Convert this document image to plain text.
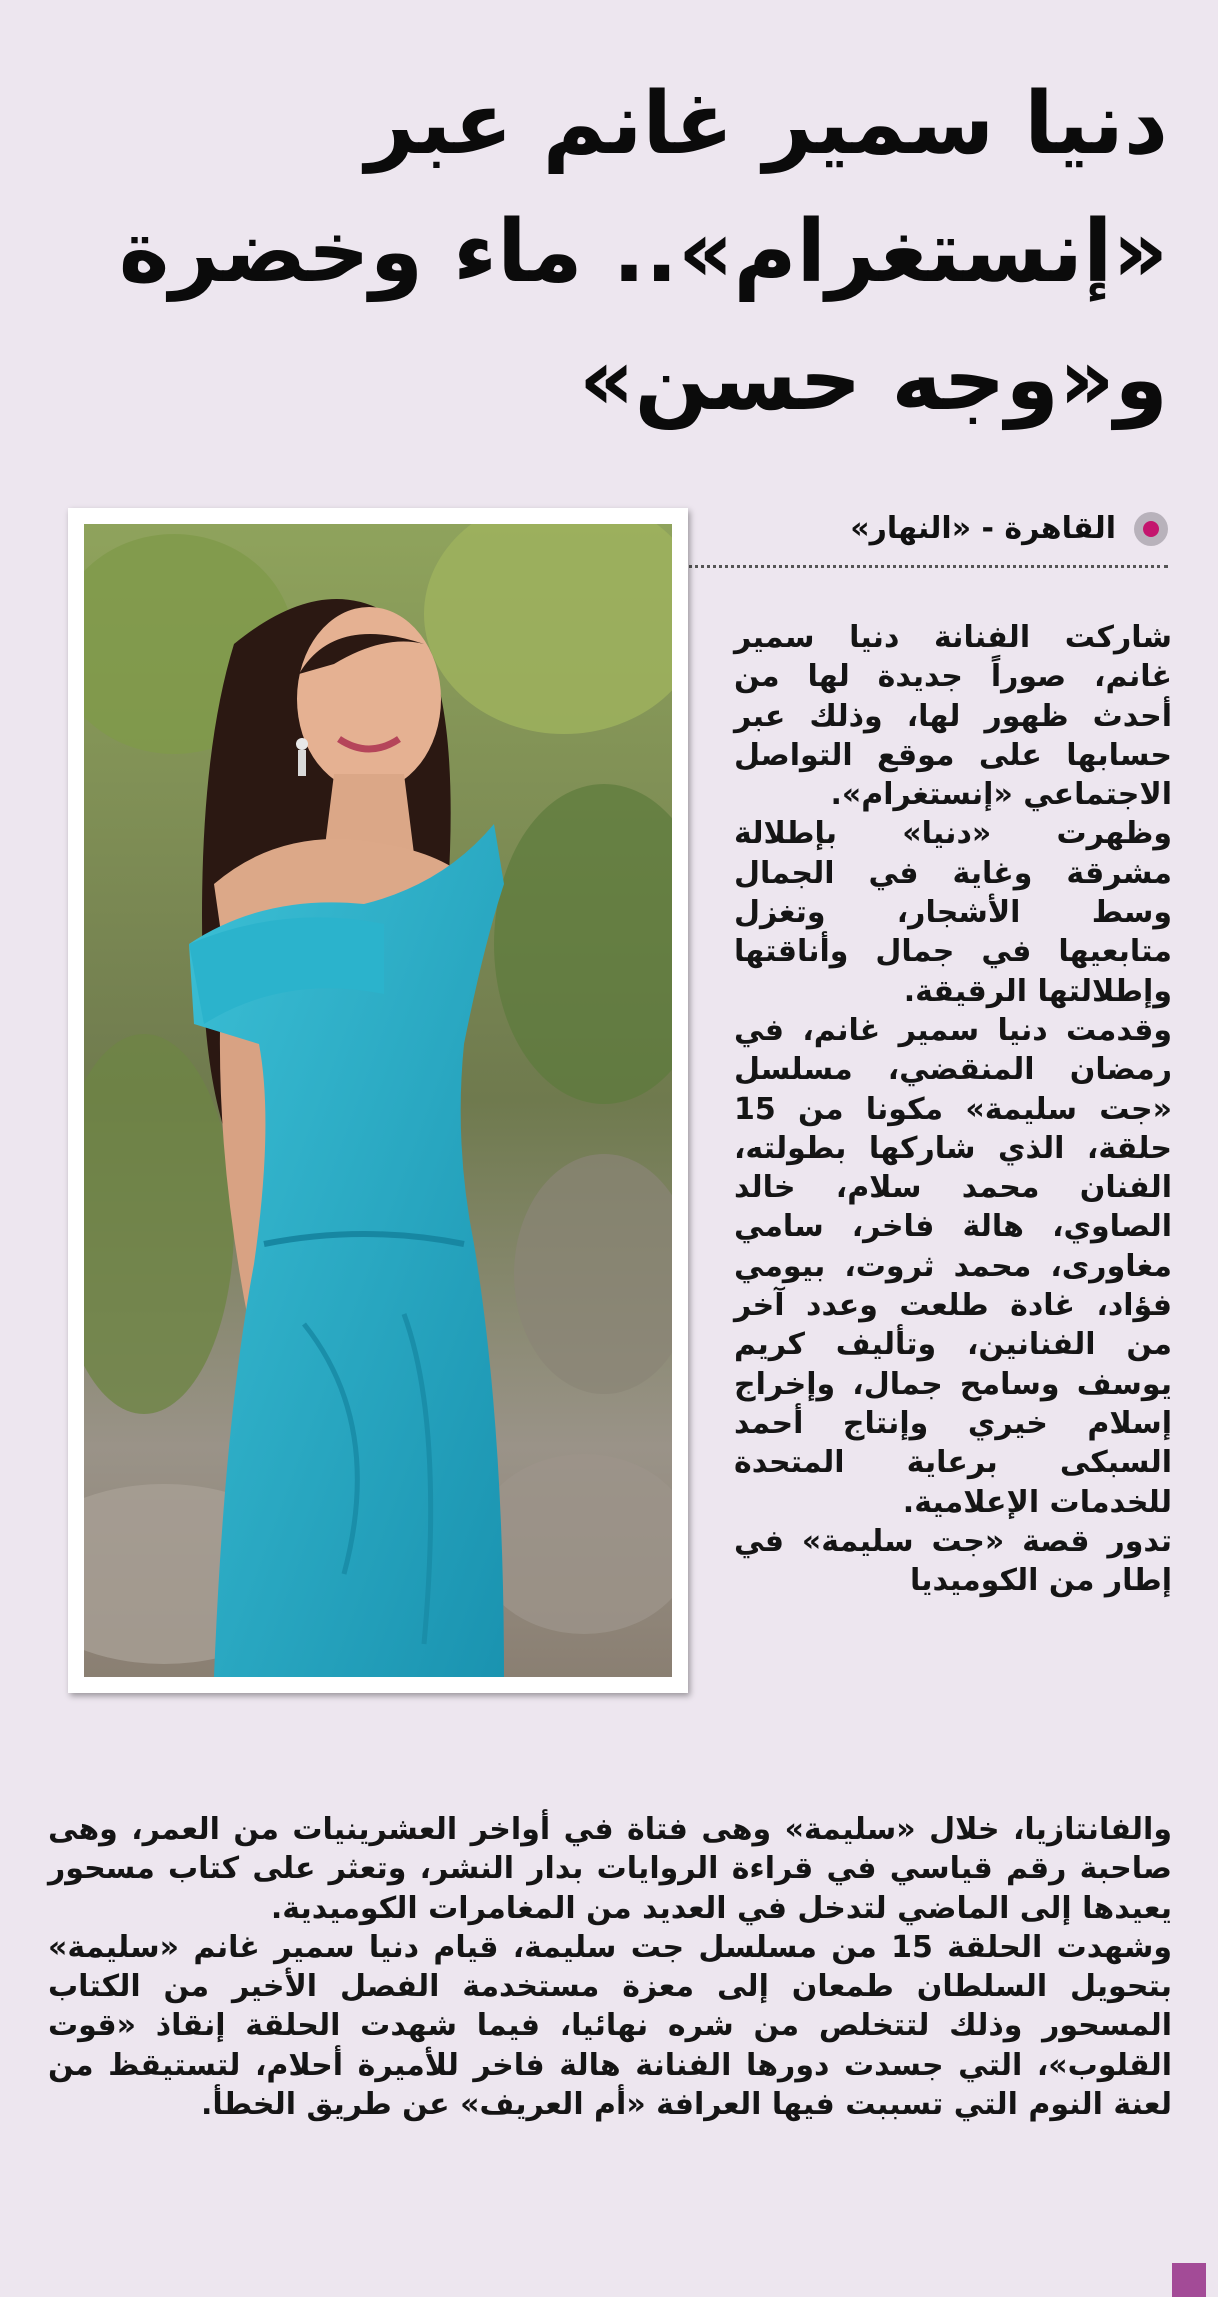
دنيا سمير غانم عبر
«إنستغرام».. ماء وخضرة
و«وجه حسن»
القاهرة - «النهار»

شاركت الفنانة دنيا سمير غانم، صوراً جديدة لها من أحدث ظهور لها، وذلك عبر حسابها على موقع التواصل الاجتماعي «إنستغرام».

وظهرت «دنيا» بإطلالة مشرقة وغاية في الجمال وسط الأشجار، وتغزل متابعيها في جمال وأناقتها وإطلالتها الرقيقة.

وقدمت دنيا سمير غانم، في رمضان المنقضي، مسلسل «جت سليمة» مكونا من 15 حلقة، الذي شاركها بطولته، الفنان محمد سلام، خالد الصاوي، هالة فاخر، سامي مغاورى، محمد ثروت، بيومي فؤاد، غادة طلعت وعدد آخر من الفنانين، وتأليف كريم يوسف وسامح جمال، وإخراج إسلام خيري وإنتاج أحمد السبكى برعاية المتحدة للخدمات الإعلامية.

تدور قصة «جت سليمة» في إطار من الكوميديا

والفانتازيا، خلال «سليمة» وهى فتاة في أواخر العشرينيات من العمر، وهى صاحبة رقم قياسي في قراءة الروايات بدار النشر، وتعثر على كتاب مسحور يعيدها إلى الماضي لتدخل في العديد من المغامرات الكوميدية.

وشهدت الحلقة 15 من مسلسل جت سليمة، قيام دنيا سمير غانم «سليمة» بتحويل السلطان طمعان إلى معزة مستخدمة الفصل الأخير من الكتاب المسحور وذلك لتتخلص من شره نهائيا، فيما شهدت الحلقة إنقاذ «قوت القلوب»، التي جسدت دورها الفنانة هالة فاخر للأميرة أحلام، لتستيقظ من لعنة النوم التي تسببت فيها العرافة «أم العريف» عن طريق الخطأ.
